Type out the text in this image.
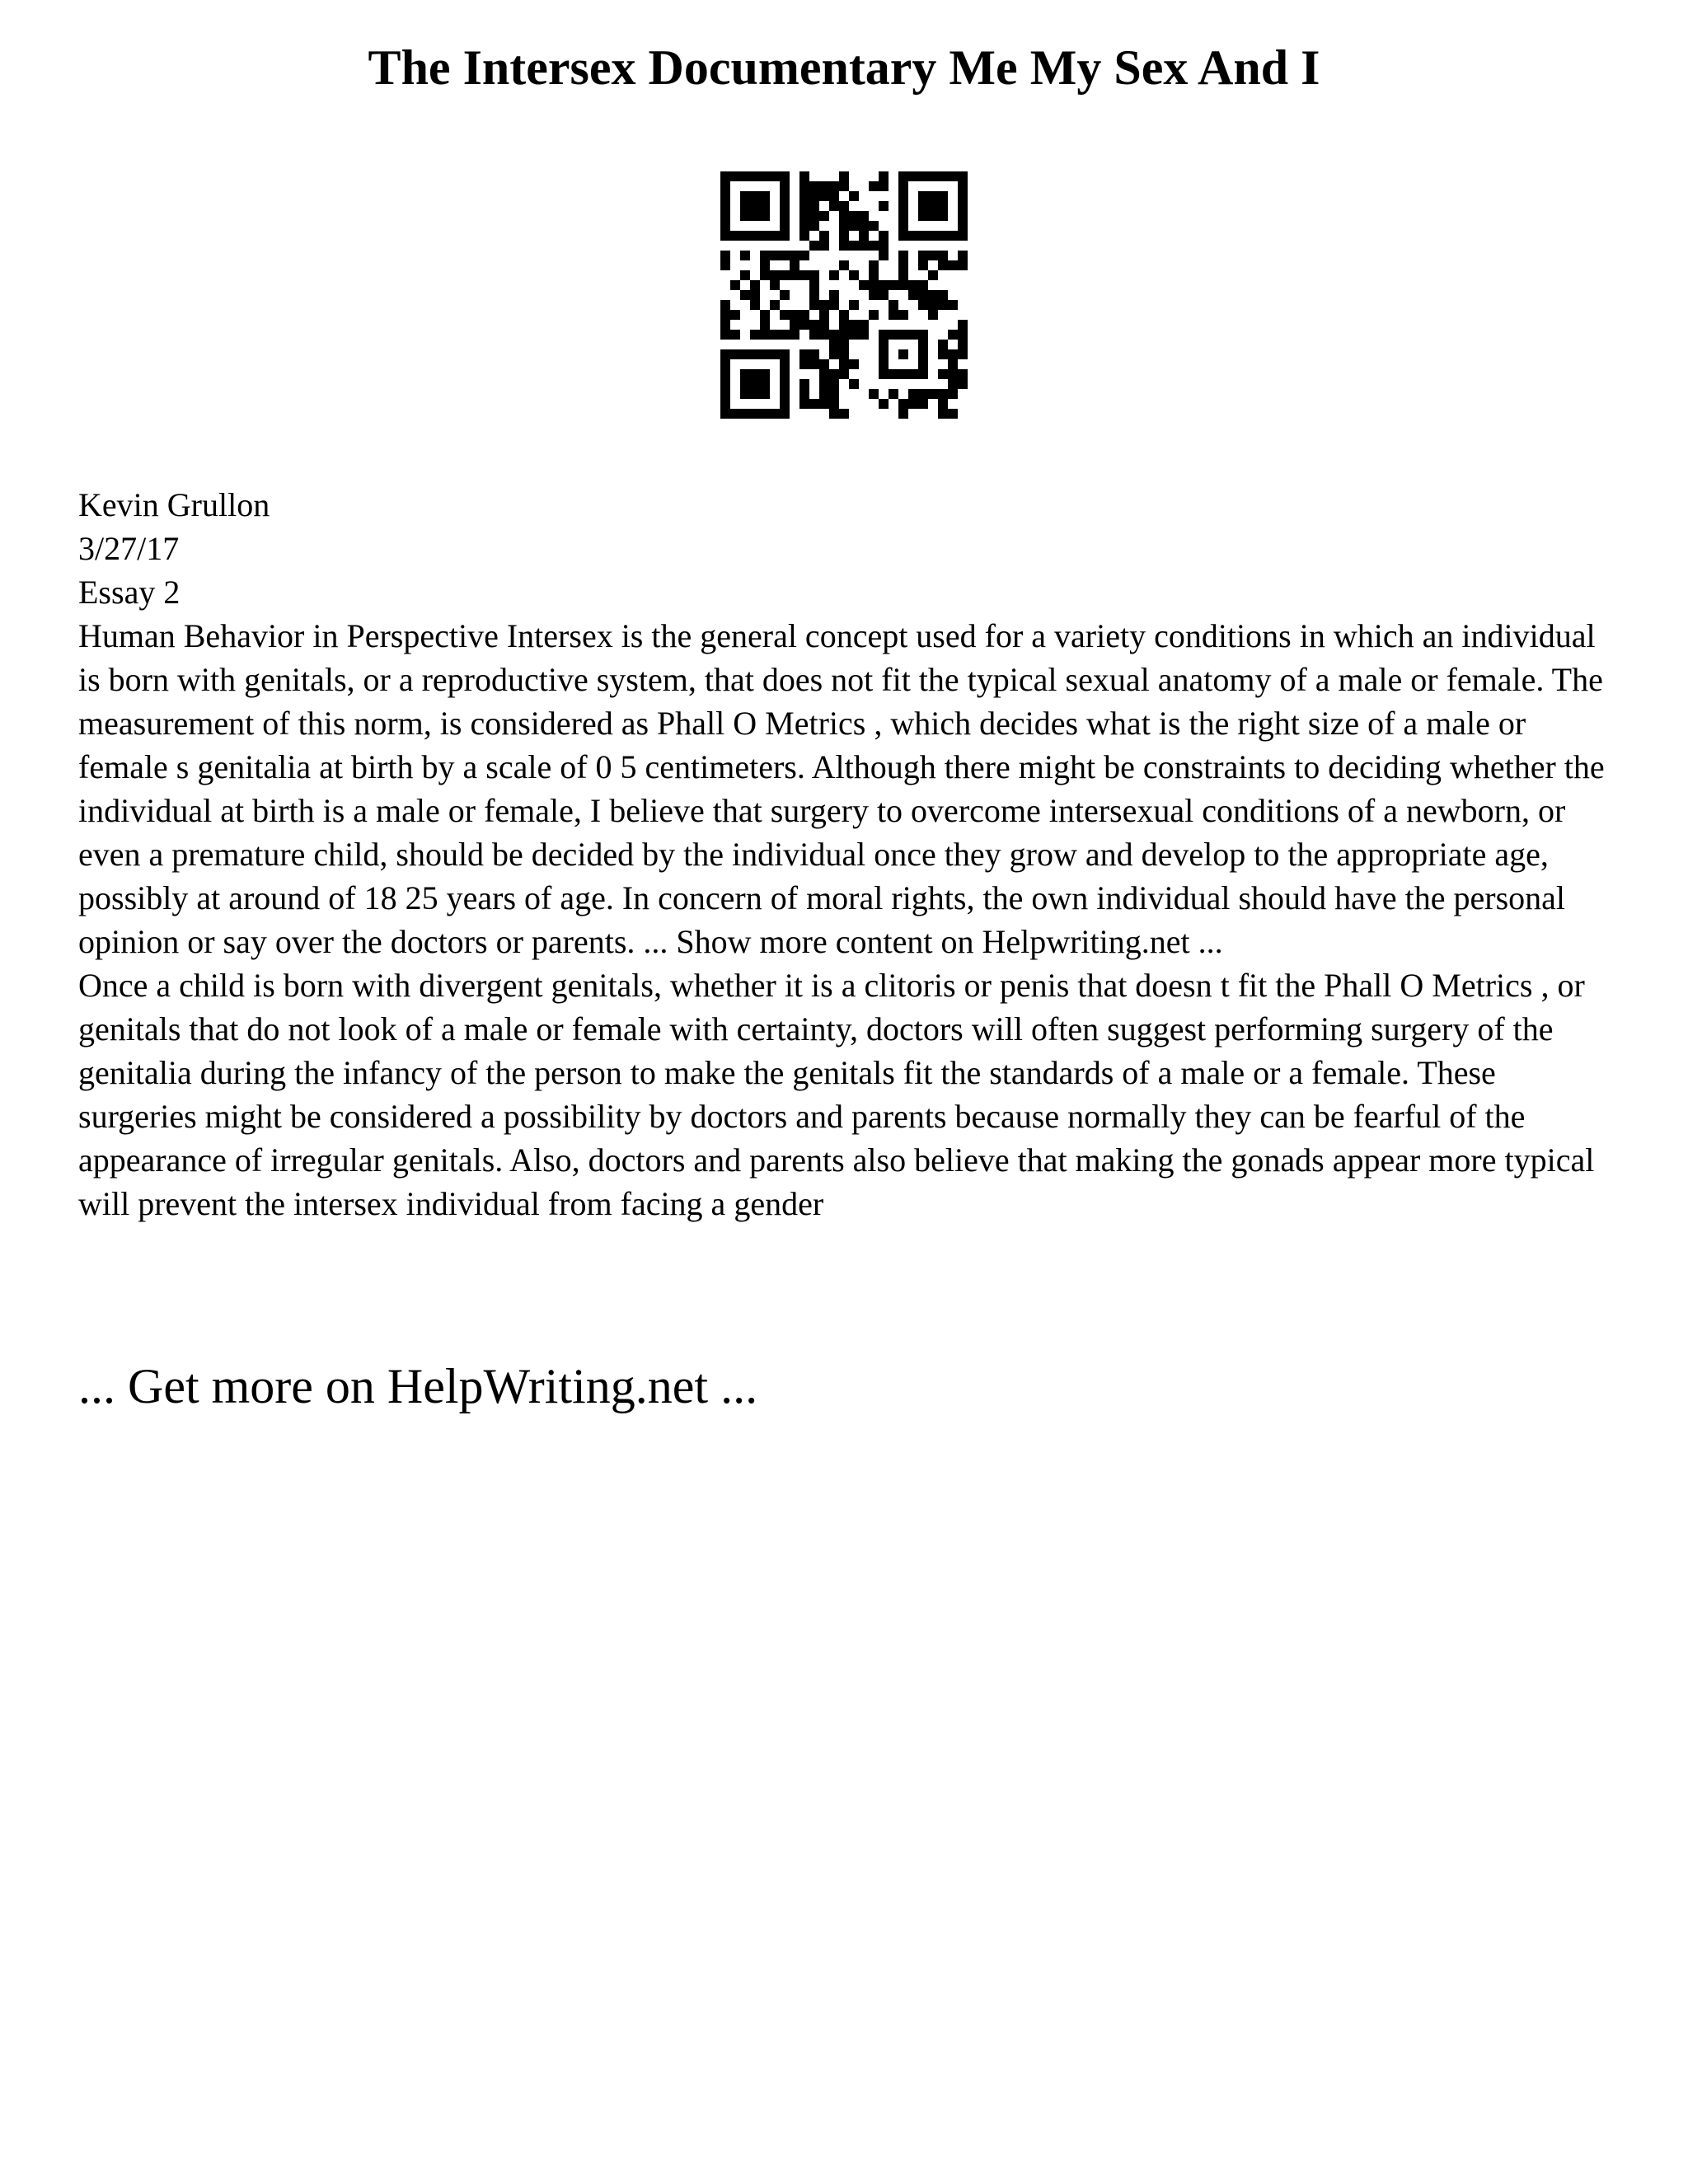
The Intersex Documentary Me My Sex And I
Kevin Grullon
3/27/17
Essay 2

Human Behavior in Perspective Intersex is the general concept used for a variety conditions in which an individual is born with genitals, or a reproductive system, that does not fit the typical sexual anatomy of a male or female. The measurement of this norm, is considered as Phall O Metrics , which decides what is the right size of a male or female s genitalia at birth by a scale of 0 5 centimeters. Although there might be constraints to deciding whether the individual at birth is a male or female, I believe that surgery to overcome intersexual conditions of a newborn, or even a premature child, should be decided by the individual once they grow and develop to the appropriate age, possibly at around of 18 25 years of age. In concern of moral rights, the own individual should have the personal opinion or say over the doctors or parents. ... Show more content on Helpwriting.net ...

Once a child is born with divergent genitals, whether it is a clitoris or penis that doesn t fit the Phall O Metrics , or genitals that do not look of a male or female with certainty, doctors will often suggest performing surgery of the genitalia during the infancy of the person to make the genitals fit the standards of a male or a female. These surgeries might be considered a possibility by doctors and parents because normally they can be fearful of the appearance of irregular genitals. Also, doctors and parents also believe that making the gonads appear more typical will prevent the intersex individual from facing a gender

... Get more on HelpWriting.net ...
